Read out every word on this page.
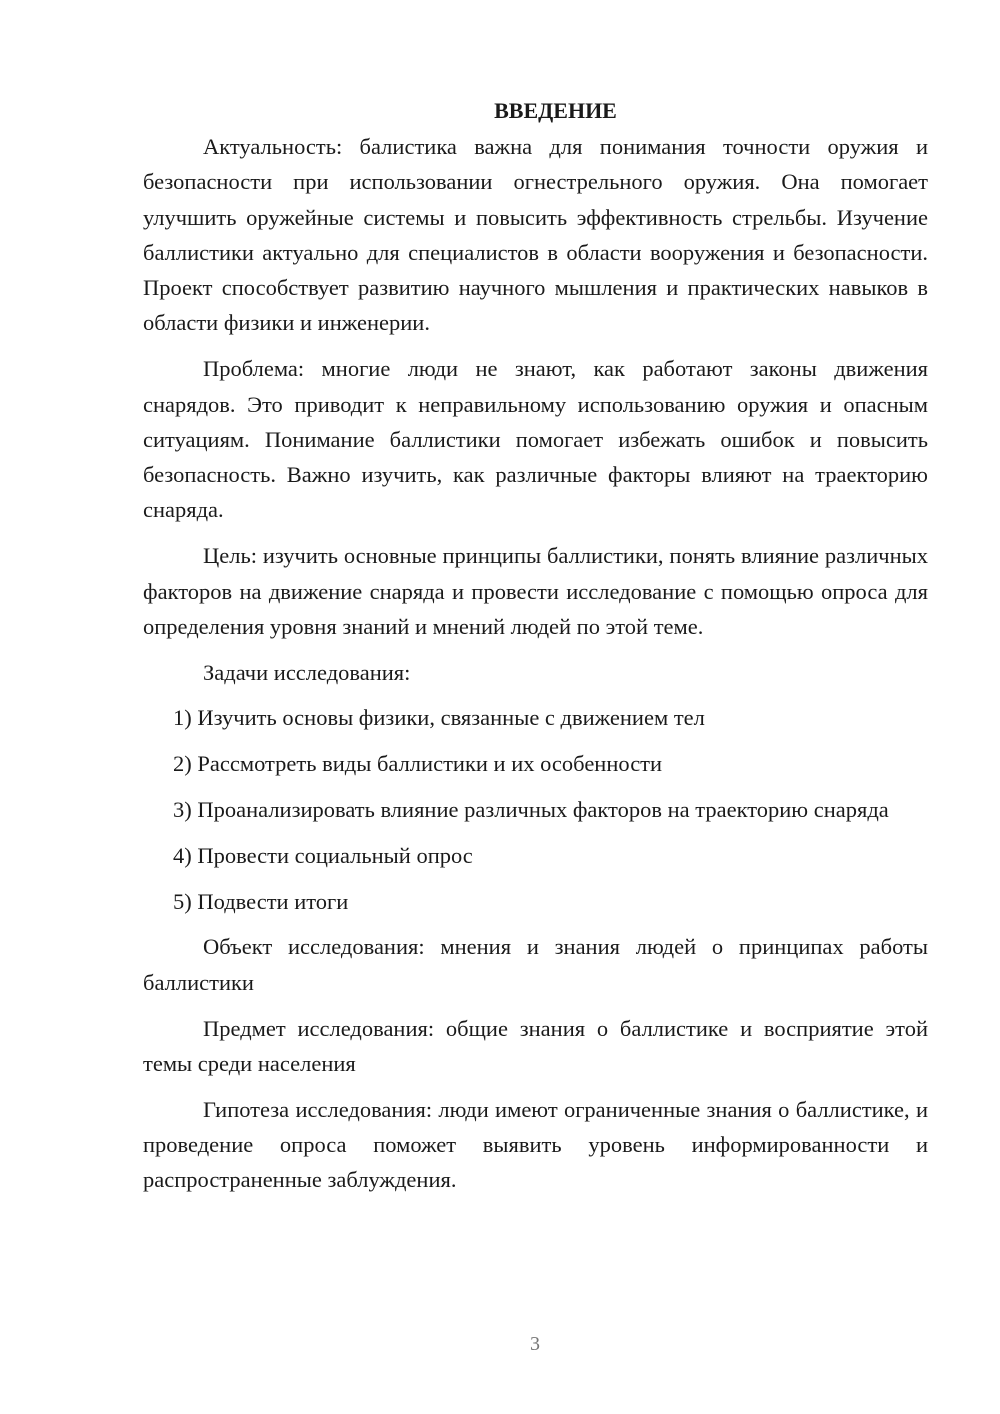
ВВЕДЕНИЕ

Актуальность: балистика важна для понимания точности оружия и безопасности при использовании огнестрельного оружия. Она помогает улучшить оружейные системы и повысить эффективность стрельбы. Изучение баллистики актуально для специалистов в области вооружения и безопасности. Проект способствует развитию научного мышления и практических навыков в области физики и инженерии.

Проблема: многие люди не знают, как работают законы движения снарядов. Это приводит к неправильному использованию оружия и опасным ситуациям. Понимание баллистики помогает избежать ошибок и повысить безопасность. Важно изучить, как различные факторы влияют на траекторию снаряда.

Цель: изучить основные принципы баллистики, понять влияние различных факторов на движение снаряда и провести исследование с помощью опроса для определения уровня знаний и мнений людей по этой теме.

Задачи исследования:

1) Изучить основы физики, связанные с движением тел

2) Рассмотреть виды баллистики и их особенности

3) Проанализировать влияние различных факторов на траекторию снаряда

4) Провести социальный опрос

5) Подвести итоги

Объект исследования: мнения и знания людей о принципах работы баллистики

Предмет исследования: общие знания о баллистике и восприятие этой темы среди населения

Гипотеза исследования: люди имеют ограниченные знания о баллистике, и проведение опроса поможет выявить уровень информированности и распространенные заблуждения.

3
